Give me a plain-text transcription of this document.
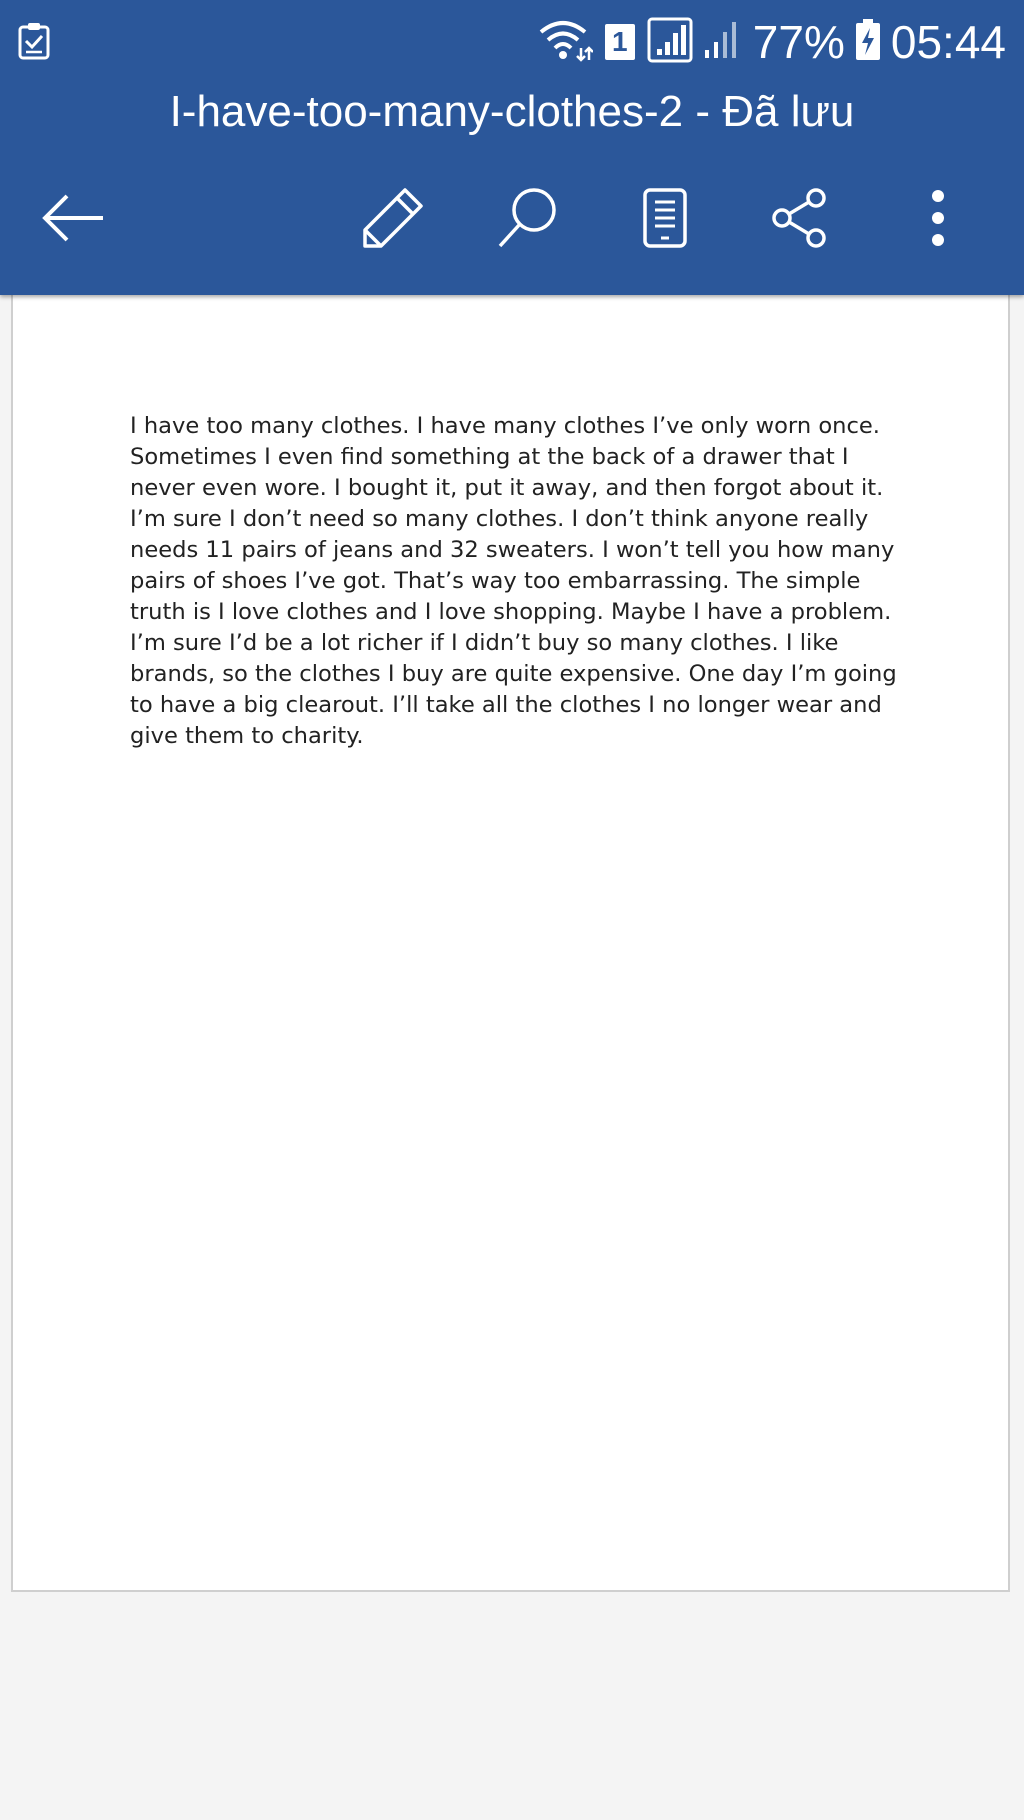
1	77% 05:44
I-have-too-many-clothes-2 - Đã lưu

I have too many clothes. I have many clothes I’ve only worn once.
Sometimes I even find something at the back of a drawer that I
never even wore. I bought it, put it away, and then forgot about it.
I’m sure I don’t need so many clothes. I don’t think anyone really
needs 11 pairs of jeans and 32 sweaters. I won’t tell you how many
pairs of shoes I’ve got. That’s way too embarrassing. The simple
truth is I love clothes and I love shopping. Maybe I have a problem.
I’m sure I’d be a lot richer if I didn’t buy so many clothes. I like
brands, so the clothes I buy are quite expensive. One day I’m going
to have a big clearout. I’ll take all the clothes I no longer wear and
give them to charity.
